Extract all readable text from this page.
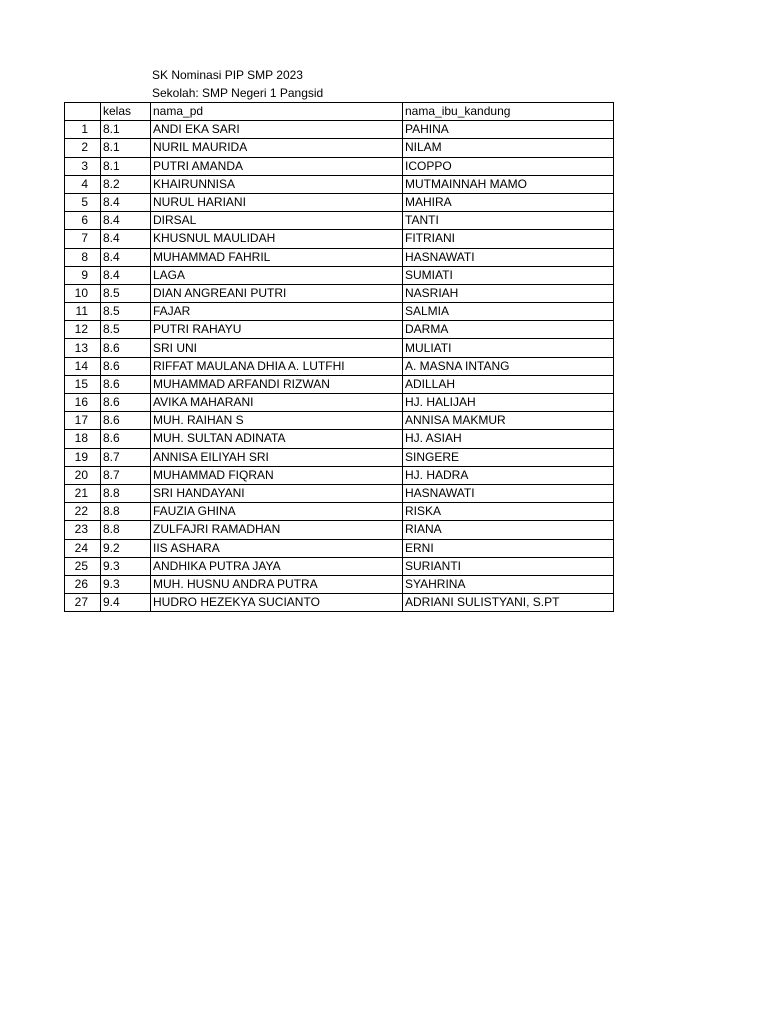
SK Nominasi PIP SMP 2023
Sekolah: SMP Negeri 1 Pangsid
	kelas	nama_pd	nama_ibu_kandung
1	8.1	ANDI EKA SARI	PAHINA
2	8.1	NURIL MAURIDA	NILAM
3	8.1	PUTRI AMANDA	ICOPPO
4	8.2	KHAIRUNNISA	MUTMAINNAH MAMO
5	8.4	NURUL HARIANI	MAHIRA
6	8.4	DIRSAL	TANTI
7	8.4	KHUSNUL MAULIDAH	FITRIANI
8	8.4	MUHAMMAD FAHRIL	HASNAWATI
9	8.4	LAGA	SUMIATI
10	8.5	DIAN ANGREANI PUTRI	NASRIAH
11	8.5	FAJAR	SALMIA
12	8.5	PUTRI RAHAYU	DARMA
13	8.6	SRI UNI	MULIATI
14	8.6	RIFFAT MAULANA DHIA A. LUTFHI	A. MASNA INTANG
15	8.6	MUHAMMAD ARFANDI RIZWAN	ADILLAH
16	8.6	AVIKA MAHARANI	HJ. HALIJAH
17	8.6	MUH. RAIHAN S	ANNISA MAKMUR
18	8.6	MUH. SULTAN ADINATA	HJ. ASIAH
19	8.7	ANNISA EILIYAH SRI	SINGERE
20	8.7	MUHAMMAD FIQRAN	HJ. HADRA
21	8.8	SRI HANDAYANI	HASNAWATI
22	8.8	FAUZIA GHINA	RISKA
23	8.8	ZULFAJRI RAMADHAN	RIANA
24	9.2	IIS ASHARA	ERNI
25	9.3	ANDHIKA PUTRA JAYA	SURIANTI
26	9.3	MUH. HUSNU ANDRA PUTRA	SYAHRINA
27	9.4	HUDRO HEZEKYA SUCIANTO	ADRIANI SULISTYANI, S.PT
